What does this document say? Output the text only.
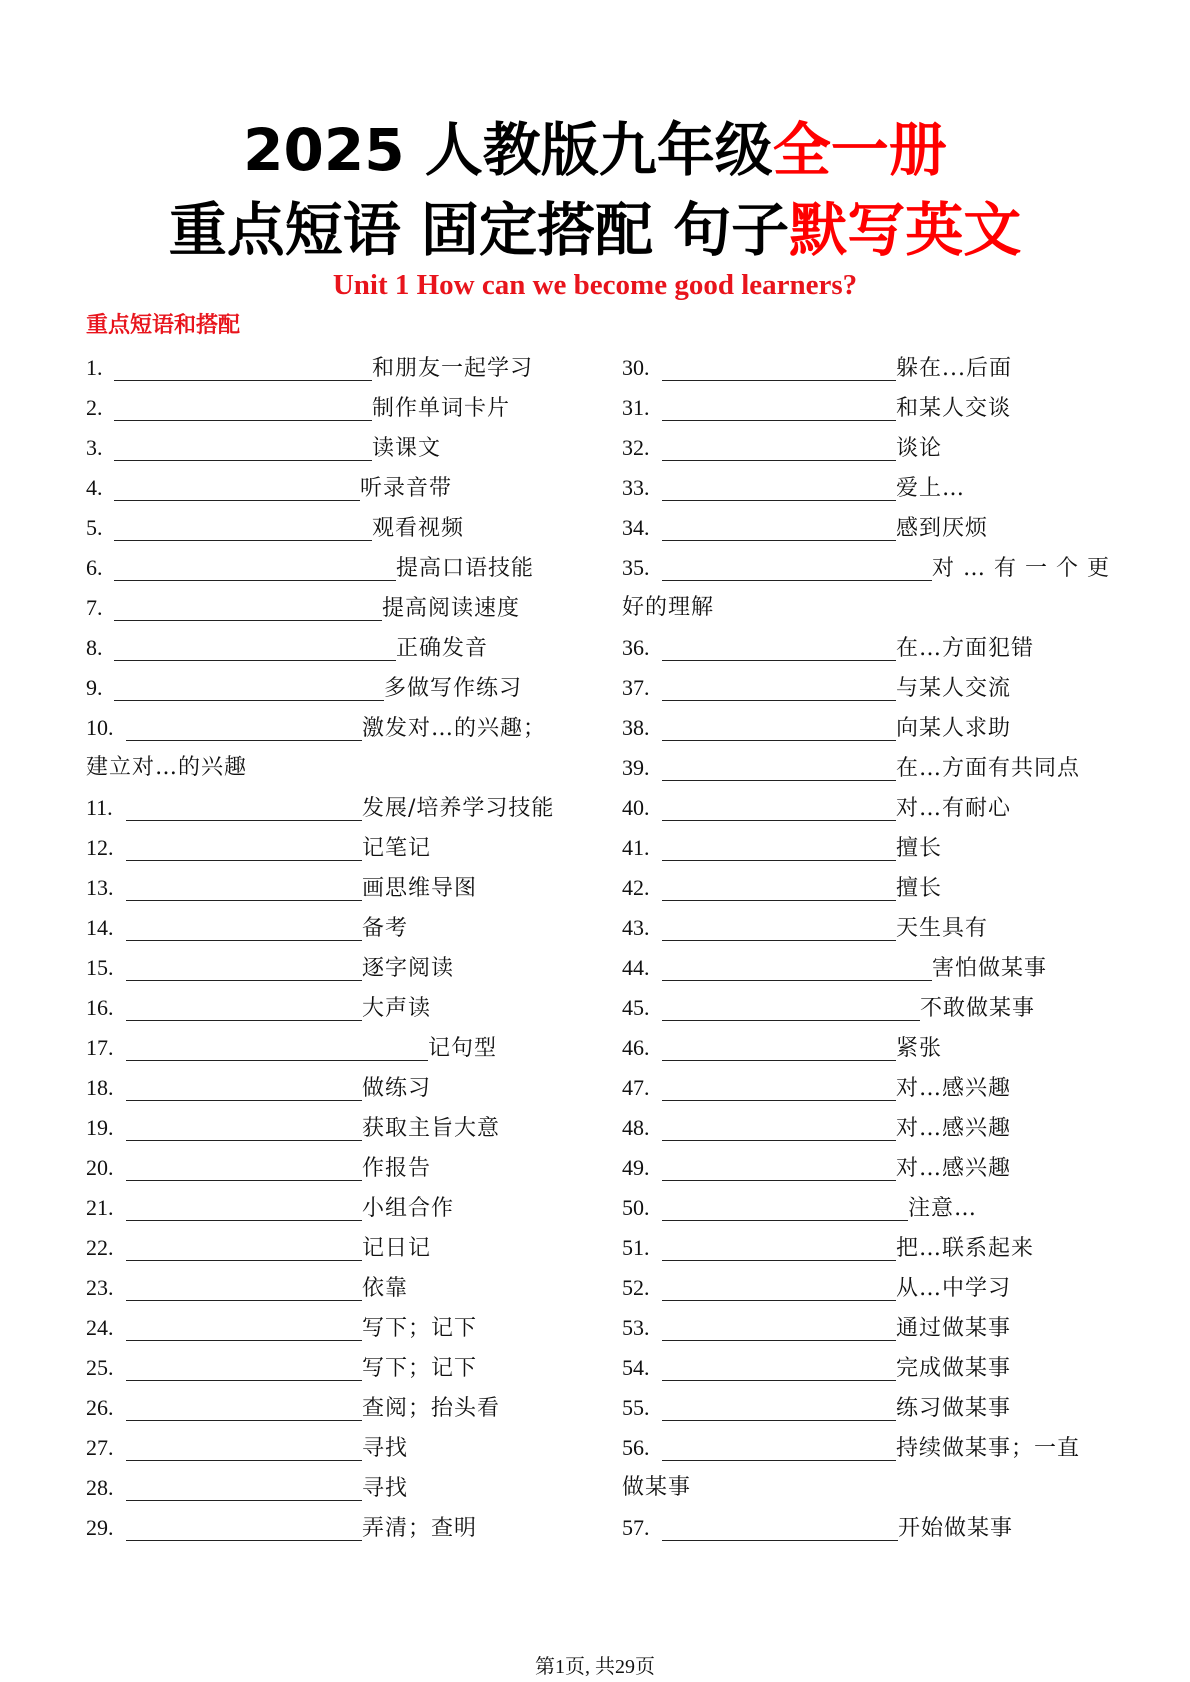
2025 人教版九年级全一册
重点短语 固定搭配 句子默写英文
Unit 1 How can we become good learners?
重点短语和搭配
1.	和朋友一起学习
2.	制作单词卡片
3.	读课文
4.	听录音带
5.	观看视频
6.	提高口语技能
7.	提高阅读速度
8.	正确发音
9.	多做写作练习
10.	激发对…的兴趣；
建立对…的兴趣
11.	发展/培养学习技能
12.	记笔记
13.	画思维导图
14.	备考
15.	逐字阅读
16.	大声读
17.	记句型
18.	做练习
19.	获取主旨大意
20.	作报告
21.	小组合作
22.	记日记
23.	依靠
24.	写下；记下
25.	写下；记下
26.	查阅；抬头看
27.	寻找
28.	寻找
29.	弄清；查明
30.	躲在...后面
31.	和某人交谈
32.	谈论
33.	爱上…
34.	感到厌烦
35.	对 … 有 一 个 更
好的理解
36.	在…方面犯错
37.	与某人交流
38.	向某人求助
39.	在…方面有共同点
40.	对…有耐心
41.	擅长
42.	擅长
43.	天生具有
44.	害怕做某事
45.	不敢做某事
46.	紧张
47.	对…感兴趣
48.	对…感兴趣
49.	对…感兴趣
50.	注意…
51.	把…联系起来
52.	从…中学习
53.	通过做某事
54.	完成做某事
55.	练习做某事
56.	持续做某事；一直
做某事
57.	开始做某事
第1页, 共29页
